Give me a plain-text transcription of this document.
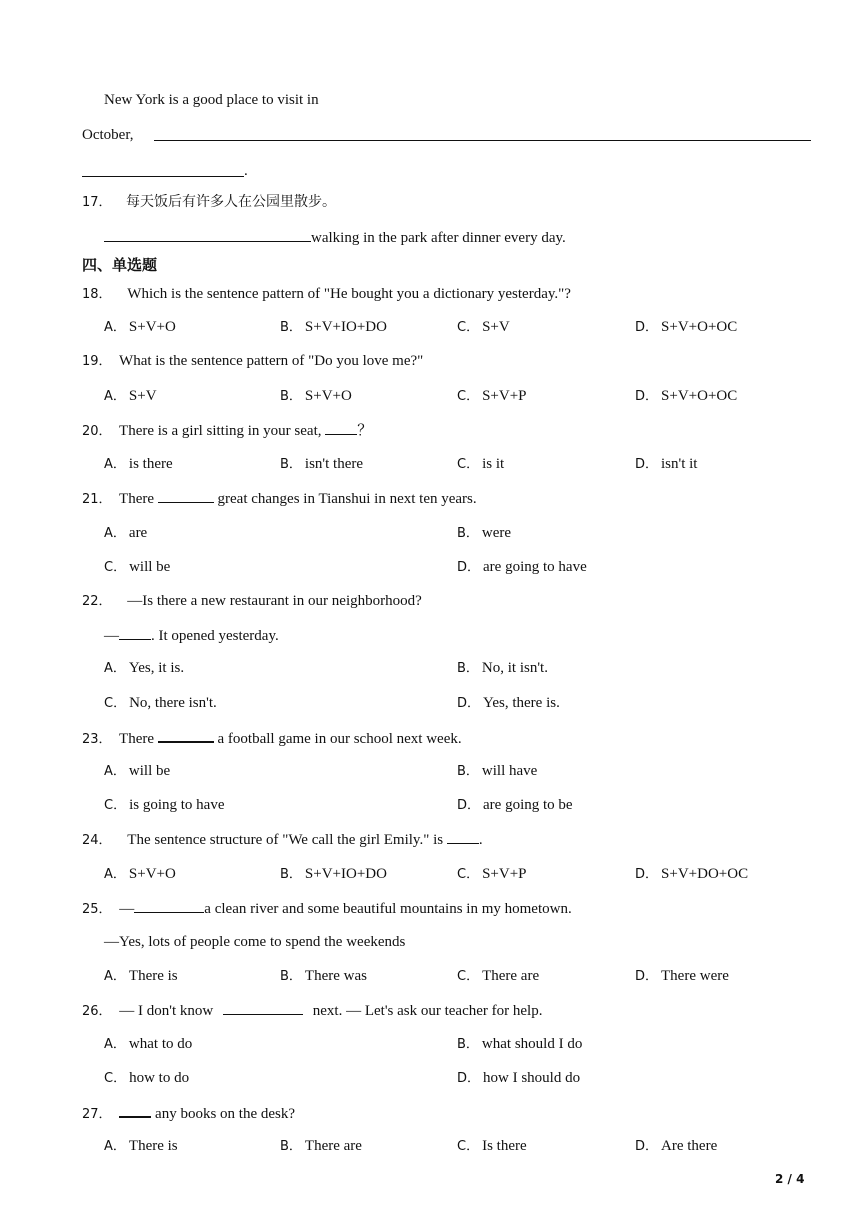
New York is a good place to visit in
October,
.
17． 每天饭后有许多人在公园里散步。
walking in the park after dinner every day.
四、单选题
18． Which is the sentence pattern of "He bought you a dictionary yesterday."?
A． S+V+O	B． S+V+IO+DO	C． S+V	D． S+V+O+OC
19． What is the sentence pattern of "Do you love me?"
A． S+V	B． S+V+O	C． S+V+P	D． S+V+O+OC
20． There is a girl sitting in your seat, ？
A． is there	B． isn't there	C． is it	D． isn't it
21． There	great changes in Tianshui in next ten years.
A． are	B． were
C． will be	D． are going to have
22． —Is there a new restaurant in our neighborhood?
— . It opened yesterday.
A． Yes, it is.	B． No, it isn't.
C． No, there isn't.	D． Yes, there is.
23． There	a football game in our school next week.
A． will be	B． will have
C． is going to have	D． are going to be
24． The sentence structure of "We call the girl Emily." is .
A． S+V+O	B． S+V+IO+DO	C． S+V+P	D． S+V+DO+OC
25． —	a clean river and some beautiful mountains in my hometown.
—Yes, lots of people come to spend the weekends
A． There is	B． There was	C． There are	D． There were
26． — I don't know	next. — Let's ask our teacher for help.
A． what to do	B． what should I do
C． how to do	D． how I should do
27．	any books on the desk?
A． There is	B． There are	C． Is there	D． Are there
2 / 4
